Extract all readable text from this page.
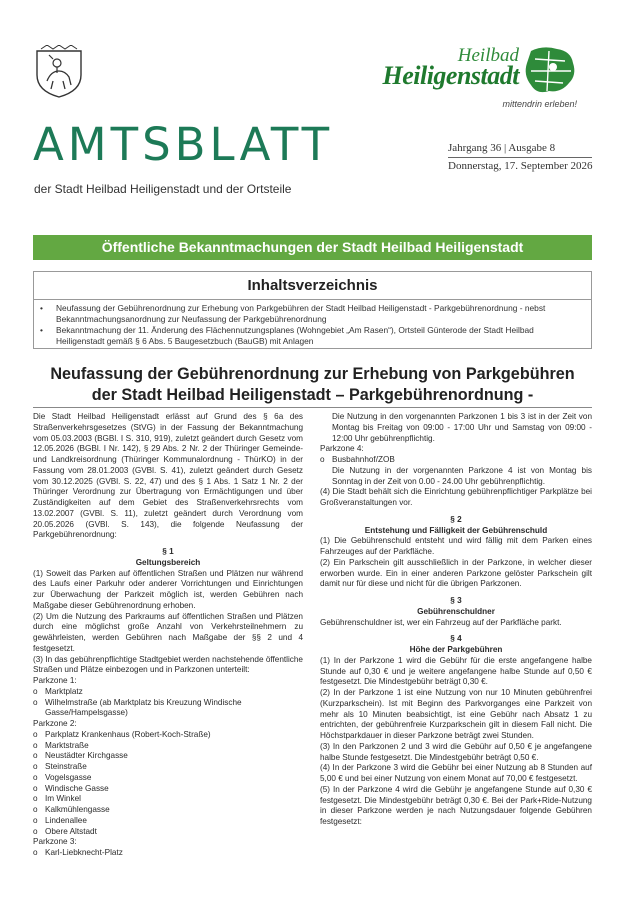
Heilbad
Heiligenstadt
mittendrin erleben!
AMTSBLATT
der Stadt Heilbad Heiligenstadt und der Ortsteile
Jahrgang 36 | Ausgabe 8
Donnerstag, 17. September 2026
Öffentliche Bekanntmachungen der Stadt Heilbad Heiligenstadt
Inhaltsverzeichnis
• Neufassung der Gebührenordnung zur Erhebung von Parkgebühren der Stadt Heilbad Heiligenstadt - Parkgebührenordnung - nebst Bekanntmachungsanordnung zur Neufassung der Parkgebührenordnung
• Bekanntmachung der 11. Änderung des Flächennutzungsplanes (Wohngebiet „Am Rasen“), Ortsteil Günterode der Stadt Heilbad Heiligenstadt gemäß § 6 Abs. 5 Baugesetzbuch (BauGB) mit Anlagen
Neufassung der Gebührenordnung zur Erhebung von Parkgebühren
der Stadt Heilbad Heiligenstadt – Parkgebührenordnung -

Die Stadt Heilbad Heiligenstadt erlässt auf Grund des § 6a des Straßenverkehrsgesetzes (StVG) in der Fassung der Bekanntmachung vom 05.03.2003 (BGBl. I S. 310, 919), zuletzt geändert durch Gesetz vom 12.05.2026 (BGBl. I Nr. 142), § 29 Abs. 2 Nr. 2 der Thüringer Gemeinde- und Landkreisordnung (Thüringer Kommunalordnung - ThürKO) in der Fassung vom 28.01.2003 (GVBl. S. 41), zuletzt geändert durch Gesetz vom 30.12.2025 (GVBl. S. 22, 47) und des § 1 Abs. 1 Satz 1 Nr. 2 der Thüringer Verordnung zur Übertragung von Ermächtigungen und über Zuständigkeiten auf dem Gebiet des Straßenverkehrsrechts vom 13.02.2007 (GVBl. S. 11), zuletzt geändert durch Verordnung vom 20.05.2026 (GVBl. S. 143), die folgende Neufassung der Parkgebührenordnung:

§ 1

Geltungsbereich

(1) Soweit das Parken auf öffentlichen Straßen und Plätzen nur während des Laufs einer Parkuhr oder anderer Vorrichtungen und Einrichtungen zur Überwachung der Parkzeit möglich ist, werden Gebühren nach Maßgabe dieser Gebührenordnung erhoben.

(2) Um die Nutzung des Parkraums auf öffentlichen Straßen und Plätzen durch eine möglichst große Anzahl von Verkehrsteilnehmern zu gewährleisten, werden Gebühren nach Maßgabe der §§ 2 und 4 festgesetzt.

(3) In das gebührenpflichtige Stadtgebiet werden nachstehende öffentliche Straßen und Plätze einbezogen und in Parkzonen unterteilt:

Parkzone 1:

o Marktplatz
o Wilhelmstraße (ab Marktplatz bis Kreuzung Windische Gasse/Hampelsgasse)

Parkzone 2:

o Parkplatz Krankenhaus (Robert-Koch-Straße)
o Marktstraße
o Neustädter Kirchgasse
o Steinstraße
o Vogelsgasse
o Windische Gasse
o Im Winkel
o Kalkmühlengasse
o Lindenallee
o Obere Altstadt

Parkzone 3:

o Karl-Liebknecht-Platz

Die Nutzung in den vorgenannten Parkzonen 1 bis 3 ist in der Zeit von Montag bis Freitag von 09:00 - 17:00 Uhr und Samstag von 09:00 - 12:00 Uhr gebührenpflichtig.

Parkzone 4:

o Busbahnhof/ZOB

Die Nutzung in der vorgenannten Parkzone 4 ist von Montag bis Sonntag in der Zeit von 0.00 - 24.00 Uhr gebührenpflichtig.

(4) Die Stadt behält sich die Einrichtung gebührenpflichtiger Parkplätze bei Großveranstaltungen vor.

§ 2

Entstehung und Fälligkeit der Gebührenschuld

(1) Die Gebührenschuld entsteht und wird fällig mit dem Parken eines Fahrzeuges auf der Parkfläche.

(2) Ein Parkschein gilt ausschließlich in der Parkzone, in welcher dieser erworben wurde. Ein in einer anderen Parkzone gelöster Parkschein gilt damit nur für diese und nicht für die übrigen Parkzonen.

§ 3

Gebührenschuldner

Gebührenschuldner ist, wer ein Fahrzeug auf der Parkfläche parkt.

§ 4

Höhe der Parkgebühren

(1) In der Parkzone 1 wird die Gebühr für die erste angefangene halbe Stunde auf 0,30 € und je weitere angefangene halbe Stunde auf 0,50 € festgesetzt. Die Mindestgebühr beträgt 0,30 €.

(2) In der Parkzone 1 ist eine Nutzung von nur 10 Minuten gebührenfrei (Kurzparkschein). Ist mit Beginn des Parkvorganges eine Parkzeit von mehr als 10 Minuten beabsichtigt, ist eine Gebühr nach Absatz 1 zu entrichten, der gebührenfreie Kurzparkschein gilt in diesem Fall nicht. Die Höchstparkdauer in dieser Parkzone beträgt zwei Stunden.

(3) In den Parkzonen 2 und 3 wird die Gebühr auf 0,50 € je angefangene halbe Stunde festgesetzt. Die Mindestgebühr beträgt 0,50 €.

(4) In der Parkzone 3 wird die Gebühr bei einer Nutzung ab 8 Stunden auf 5,00 € und bei einer Nutzung von einem Monat auf 70,00 € festgesetzt.

(5) In der Parkzone 4 wird die Gebühr je angefangene Stunde auf 0,30 € festgesetzt. Die Mindestgebühr beträgt 0,30 €. Bei der Park+Ride-Nutzung in dieser Parkzone werden je nach Nutzungsdauer folgende Gebühren festgesetzt:
